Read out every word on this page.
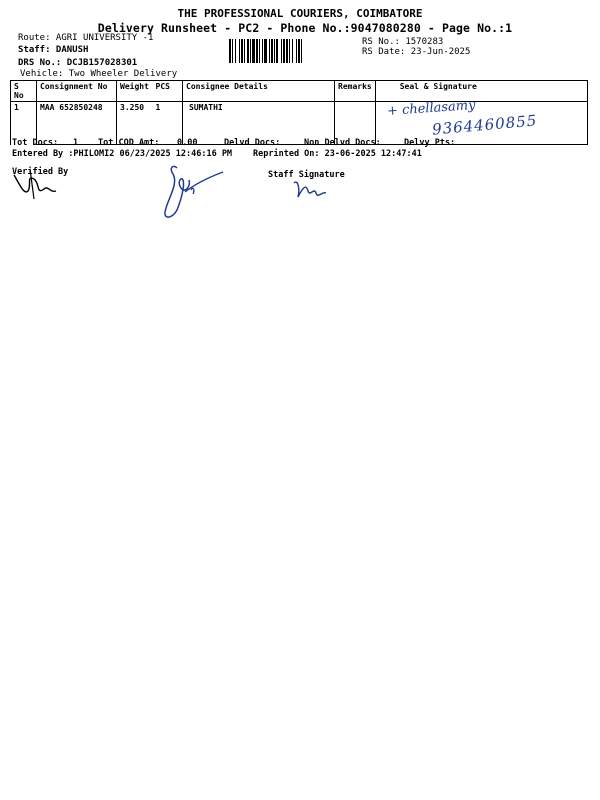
THE PROFESSIONAL COURIERS, COIMBATORE
Delivery Runsheet - PC2 - Phone No.:9047080280 - Page No.:1
Route: AGRI UNIVERSITY -1
Staff: DANUSH
DRS No.: DCJB157028301
Vehicle: Two Wheeler Delivery
RS No.: 1570283
RS Date: 23-Jun-2025
S No	Consignment No	Weight	PCS	Consignee Details	Remarks	Seal & Signature
1	MAA 652850248	3.250	1	SUMATHI			+ chellasamy
9364460855
Tot Docs: 1 Tot COD Amt: 0.00	Delvd Docs:	Non Delvd Docs:	Delvy Pts:
Entered By :PHILOMI2 06/23/2025 12:46:16 PM Reprinted On: 23-06-2025 12:47:41
Verified By	Staff Signature
